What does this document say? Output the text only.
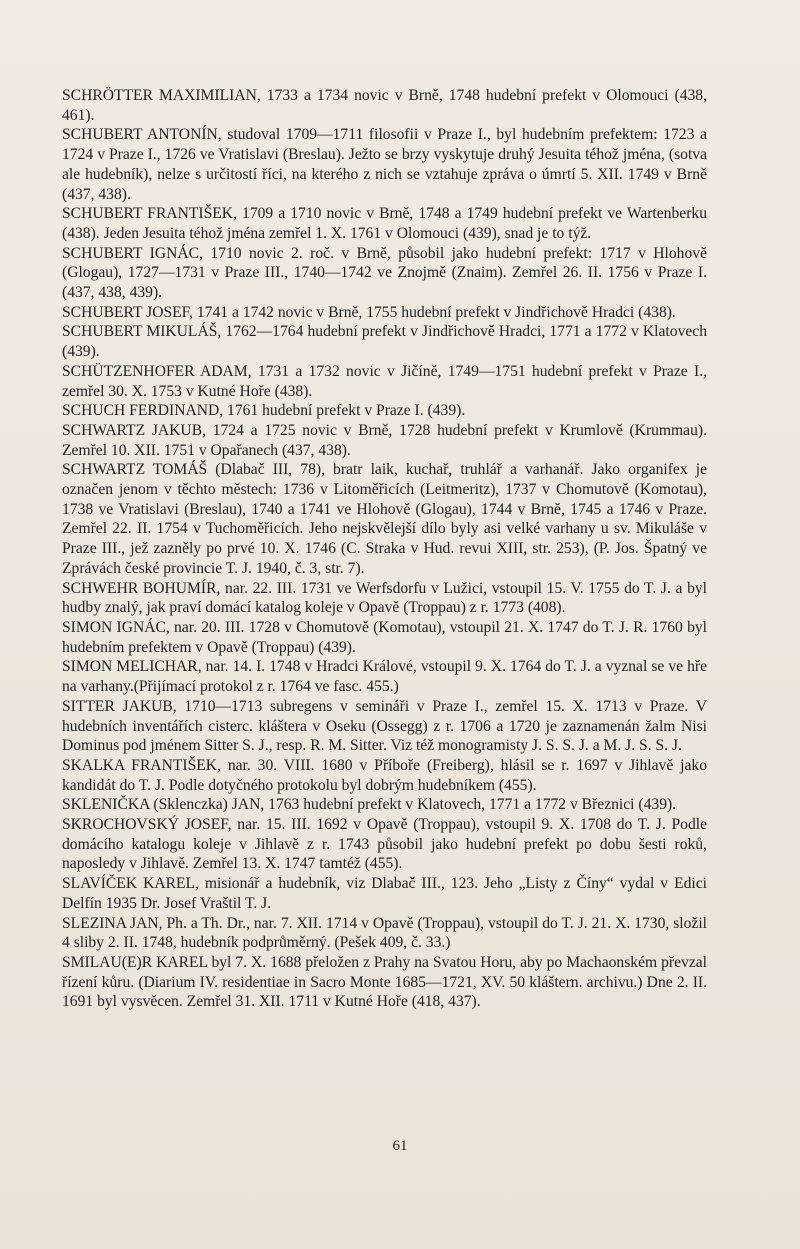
SCHRÖTTER MAXIMILIAN, 1733 a 1734 novic v Brně, 1748 hudební prefekt v Olomouci (438, 461).

SCHUBERT ANTONÍN, studoval 1709—1711 filosofii v Praze I., byl hudebním prefektem: 1723 a 1724 v Praze I., 1726 ve Vratislavi (Breslau). Ježto se brzy vyskytuje druhý Jesuita téhož jména, (sotva ale hudebník), nelze s určitostí říci, na kterého z nich se vztahuje zpráva o úmrtí 5. XII. 1749 v Brně (437, 438).

SCHUBERT FRANTIŠEK, 1709 a 1710 novic v Brně, 1748 a 1749 hudební prefekt ve Wartenberku (438). Jeden Jesuita téhož jména zemřel 1. X. 1761 v Olomouci (439), snad je to týž.

SCHUBERT IGNÁC, 1710 novic 2. roč. v Brně, působil jako hudební prefekt: 1717 v Hlohově (Glogau), 1727—1731 v Praze III., 1740—1742 ve Znojmě (Znaim). Zemřel 26. II. 1756 v Praze I. (437, 438, 439).

SCHUBERT JOSEF, 1741 a 1742 novic v Brně, 1755 hudební prefekt v Jindřichově Hradci (438).

SCHUBERT MIKULÁŠ, 1762—1764 hudební prefekt v Jindřichově Hradci, 1771 a 1772 v Klatovech (439).

SCHÜTZENHOFER ADAM, 1731 a 1732 novic v Jičíně, 1749—1751 hudební prefekt v Praze I., zemřel 30. X. 1753 v Kutné Hoře (438).

SCHUCH FERDINAND, 1761 hudební prefekt v Praze I. (439).

SCHWARTZ JAKUB, 1724 a 1725 novic v Brně, 1728 hudební prefekt v Krumlově (Krummau). Zemřel 10. XII. 1751 v Opařanech (437, 438).

SCHWARTZ TOMÁŠ (Dlabač III, 78), bratr laik, kuchař, truhlář a varhanář. Jako organifex je označen jenom v těchto městech: 1736 v Litoměřicích (Leitmeritz), 1737 v Chomutově (Komotau), 1738 ve Vratislavi (Breslau), 1740 a 1741 ve Hlohově (Glogau), 1744 v Brně, 1745 a 1746 v Praze. Zemřel 22. II. 1754 v Tuchoměřicích. Jeho nejskvělejší dílo byly asi velké varhany u sv. Mikuláše v Praze III., jež zazněly po prvé 10. X. 1746 (C. Straka v Hud. revui XIII, str. 253), (P. Jos. Špatný ve Zprávách české provincie T. J. 1940, č. 3, str. 7).

SCHWEHR BOHUMÍR, nar. 22. III. 1731 ve Werfsdorfu v Lužici, vstoupil 15. V. 1755 do T. J. a byl hudby znalý, jak praví domácí katalog koleje v Opavě (Troppau) z r. 1773 (408).

SIMON IGNÁC, nar. 20. III. 1728 v Chomutově (Komotau), vstoupil 21. X. 1747 do T. J. R. 1760 byl hudebním prefektem v Opavě (Troppau) (439).

SIMON MELICHAR, nar. 14. I. 1748 v Hradci Králové, vstoupil 9. X. 1764 do T. J. a vyznal se ve hře na varhany.(Přijímací protokol z r. 1764 ve fasc. 455.)

SITTER JAKUB, 1710—1713 subregens v semináři v Praze I., zemřel 15. X. 1713 v Praze. V hudebních inventářích cisterc. kláštera v Oseku (Ossegg) z r. 1706 a 1720 je zaznamenán žalm Nisi Dominus pod jménem Sitter S. J., resp. R. M. Sitter. Viz též monogramisty J. S. S. J. a M. J. S. S. J.

SKALKA FRANTIŠEK, nar. 30. VIII. 1680 v Příboře (Freiberg), hlásil se r. 1697 v Jihlavě jako kandidát do T. J. Podle dotyčného protokolu byl dobrým hudebníkem (455).

SKLENIČKA (Sklenczka) JAN, 1763 hudební prefekt v Klatovech, 1771 a 1772 v Březnici (439).

SKROCHOVSKÝ JOSEF, nar. 15. III. 1692 v Opavě (Troppau), vstoupil 9. X. 1708 do T. J. Podle domácího katalogu koleje v Jihlavě z r. 1743 působil jako hudební prefekt po dobu šesti roků, naposledy v Jihlavě. Zemřel 13. X. 1747 tamtéž (455).

SLAVÍČEK KAREL, misionář a hudebník, viz Dlabač III., 123. Jeho „Listy z Číny“ vydal v Edici Delfín 1935 Dr. Josef Vraštil T. J.

SLEZINA JAN, Ph. a Th. Dr., nar. 7. XII. 1714 v Opavě (Troppau), vstoupil do T. J. 21. X. 1730, složil 4 sliby 2. II. 1748, hudebník podprůměrný. (Pešek 409, č. 33.)

SMILAU(E)R KAREL byl 7. X. 1688 přeložen z Prahy na Svatou Horu, aby po Machaonském převzal řízení kůru. (Diarium IV. residentiae in Sacro Monte 1685—1721, XV. 50 kláštern. archivu.) Dne 2. II. 1691 byl vysvěcen. Zemřel 31. XII. 1711 v Kutné Hoře (418, 437).

61
